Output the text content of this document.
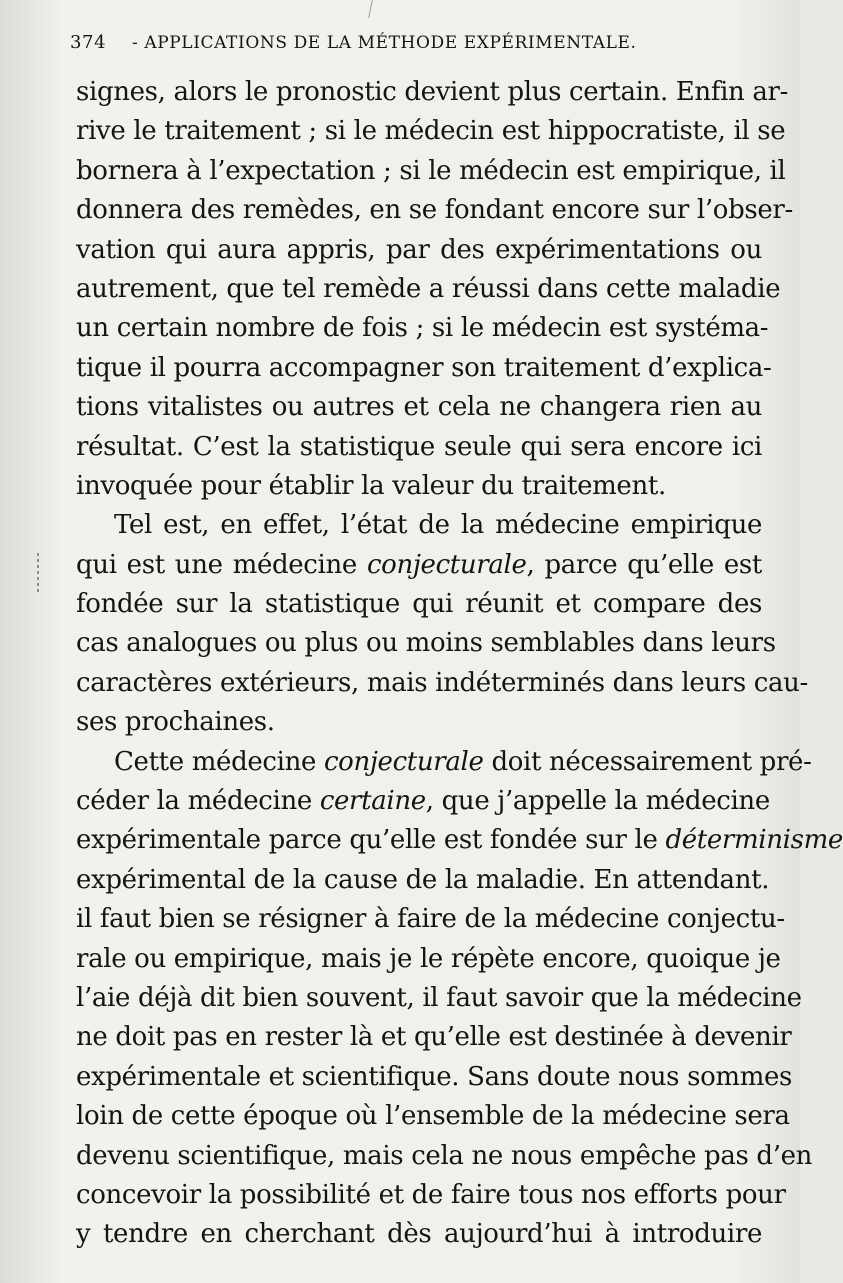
374	- APPLICATIONS DE LA MÉTHODE EXPÉRIMENTALE.
signes, alors le pronostic devient plus certain. Enfin ar-
rive le traitement ; si le médecin est hippocratiste, il se
bornera à l’expectation ; si le médecin est empirique, il
donnera des remèdes, en se fondant encore sur l’obser-
vation qui aura appris, par des expérimentations ou
autrement, que tel remède a réussi dans cette maladie
un certain nombre de fois ; si le médecin est systéma-
tique il pourra accompagner son traitement d’explica-
tions vitalistes ou autres et cela ne changera rien au
résultat. C’est la statistique seule qui sera encore ici
invoquée pour établir la valeur du traitement.
Tel est, en effet, l’état de la médecine empirique
qui est une médecine conjecturale, parce qu’elle est
fondée sur la statistique qui réunit et compare des
cas analogues ou plus ou moins semblables dans leurs
caractères extérieurs, mais indéterminés dans leurs cau-
ses prochaines.
Cette médecine conjecturale doit nécessairement pré-
céder la médecine certaine, que j’appelle la médecine
expérimentale parce qu’elle est fondée sur le déterminisme
expérimental de la cause de la maladie. En attendant.
il faut bien se résigner à faire de la médecine conjectu-
rale ou empirique, mais je le répète encore, quoique je
l’aie déjà dit bien souvent, il faut savoir que la médecine
ne doit pas en rester là et qu’elle est destinée à devenir
expérimentale et scientifique. Sans doute nous sommes
loin de cette époque où l’ensemble de la médecine sera
devenu scientifique, mais cela ne nous empêche pas d’en
concevoir la possibilité et de faire tous nos efforts pour
y tendre en cherchant dès aujourd’hui à introduire
